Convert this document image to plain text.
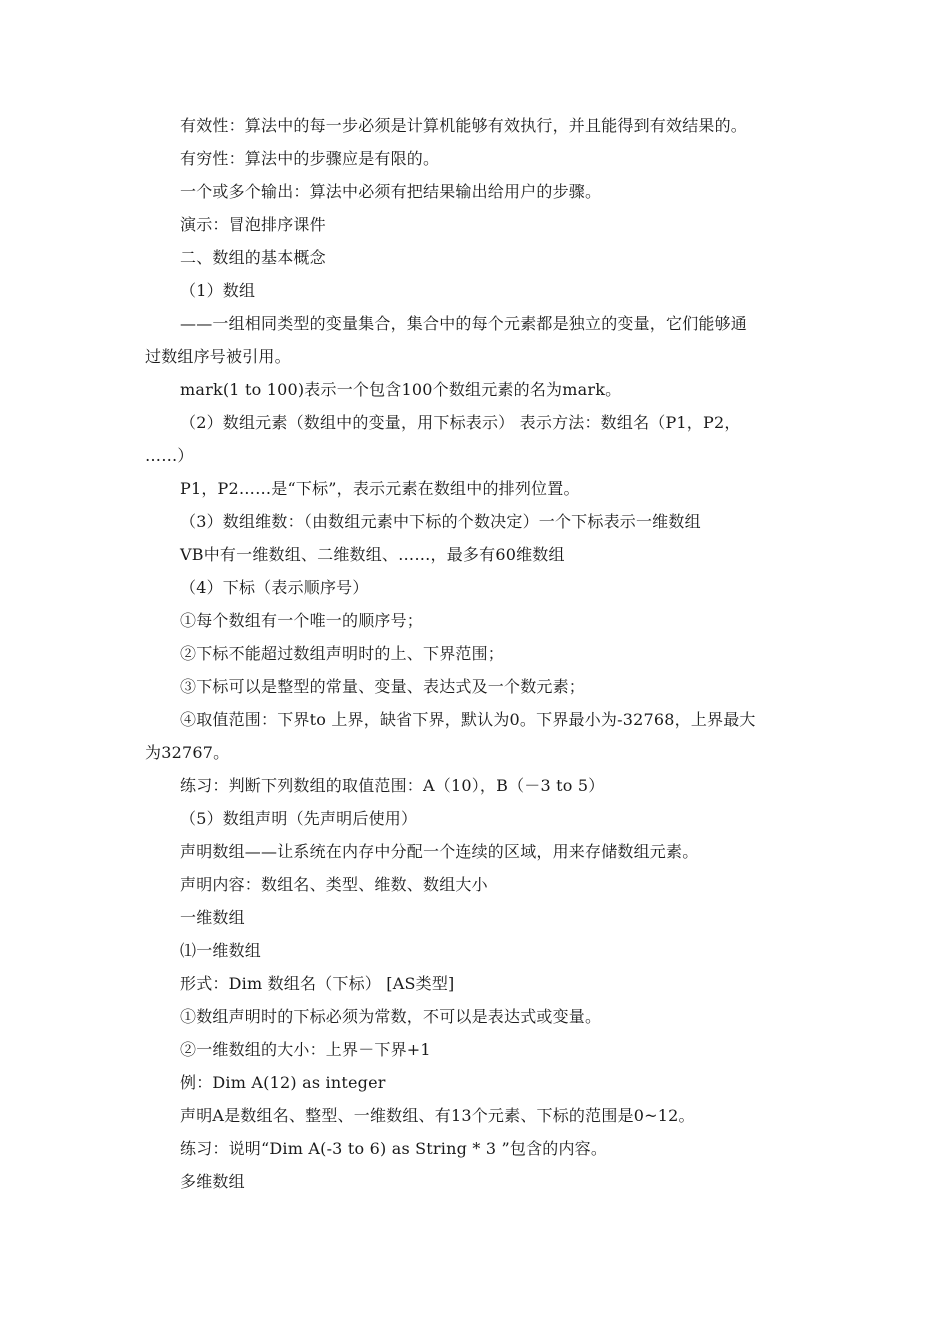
有效性：算法中的每一步必须是计算机能够有效执行，并且能得到有效结果的。
有穷性：算法中的步骤应是有限的。
一个或多个输出：算法中必须有把结果输出给用户的步骤。
演示：冒泡排序课件
二、数组的基本概念
（1）数组
——一组相同类型的变量集合，集合中的每个元素都是独立的变量，它们能够通
过数组序号被引用。
mark(1 to 100)表示一个包含100个数组元素的名为mark。
（2）数组元素（数组中的变量，用下标表示） 表示方法：数组名（P1，P2，
……）
P1，P2……是“下标”，表示元素在数组中的排列位置。
（3）数组维数：（由数组元素中下标的个数决定）一个下标表示一维数组
VB中有一维数组、二维数组、……，最多有60维数组
（4）下标（表示顺序号）
①每个数组有一个唯一的顺序号；
②下标不能超过数组声明时的上、下界范围；
③下标可以是整型的常量、变量、表达式及一个数元素；
④取值范围：下界to 上界，缺省下界，默认为0。下界最小为-32768，上界最大
为32767。
练习：判断下列数组的取值范围：A（10），B（－3 to 5）
（5）数组声明（先声明后使用）
声明数组——让系统在内存中分配一个连续的区域，用来存储数组元素。
声明内容：数组名、类型、维数、数组大小
一维数组
⑴一维数组
形式：Dim 数组名（下标） [AS类型]
①数组声明时的下标必须为常数，不可以是表达式或变量。
②一维数组的大小：上界－下界+1
例：Dim A(12) as integer
声明A是数组名、整型、一维数组、有13个元素、下标的范围是0~12。
练习：说明“Dim A(-3 to 6) as String * 3 ”包含的内容。
多维数组
